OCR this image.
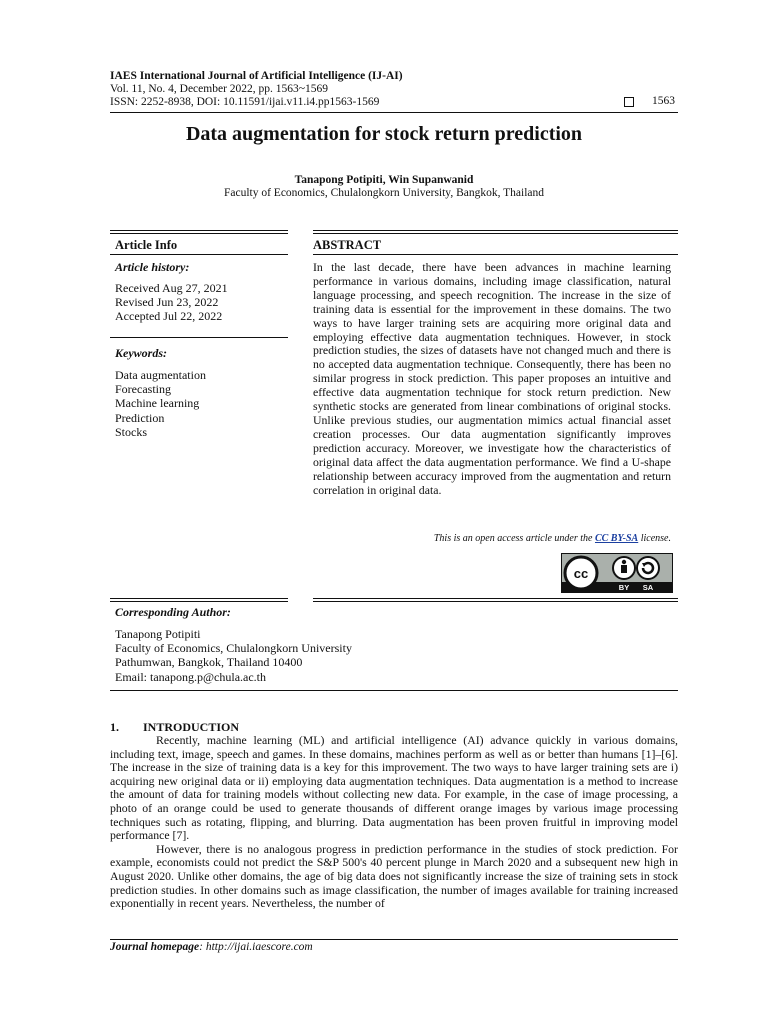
IAES International Journal of Artificial Intelligence (IJ-AI)
Vol. 11, No. 4, December 2022, pp. 1563~1569
ISSN: 2252-8938, DOI: 10.11591/ijai.v11.i4.pp1563-1569	1563
Data augmentation for stock return prediction
Tanapong Potipiti, Win Supanwanid
Faculty of Economics, Chulalongkorn University, Bangkok, Thailand
Article Info
Article history:
Received Aug 27, 2021
Revised Jun 23, 2022
Accepted Jul 22, 2022
Keywords:
Data augmentation
Forecasting
Machine learning
Prediction
Stocks
ABSTRACT
In the last decade, there have been advances in machine learning performance in various domains, including image classification, natural language processing, and speech recognition. The increase in the size of training data is essential for the improvement in these domains. The two ways to have larger training sets are acquiring more original data and employing effective data augmentation techniques. However, in stock prediction studies, the sizes of datasets have not changed much and there is no accepted data augmentation technique. Consequently, there has been no similar progress in stock prediction. This paper proposes an intuitive and effective data augmentation technique for stock return prediction. New synthetic stocks are generated from linear combinations of original stocks. Unlike previous studies, our augmentation mimics actual financial asset creation processes. Our data augmentation significantly improves prediction accuracy. Moreover, we investigate how the characteristics of original data affect the data augmentation performance. We find a U-shape relationship between accuracy improved from the augmentation and return correlation in original data.
This is an open access article under the CC BY-SA license.
cc
BY SA
Corresponding Author:
Tanapong Potipiti
Faculty of Economics, Chulalongkorn University
Pathumwan, Bangkok, Thailand 10400
Email: tanapong.p@chula.ac.th
1. INTRODUCTION

Recently, machine learning (ML) and artificial intelligence (AI) advance quickly in various domains, including text, image, speech and games. In these domains, machines perform as well as or better than humans [1]–[6]. The increase in the size of training data is a key for this improvement. The two ways to have larger training sets are i) acquiring new original data or ii) employing data augmentation techniques. Data augmentation is a method to increase the amount of data for training models without collecting new data. For example, in the case of image processing, a photo of an orange could be used to generate thousands of different orange images by various image processing techniques such as rotating, flipping, and blurring. Data augmentation has been proven fruitful in improving model performance [7].

However, there is no analogous progress in prediction performance in the studies of stock prediction. For example, economists could not predict the S&P 500's 40 percent plunge in March 2020 and a subsequent new high in August 2020. Unlike other domains, the age of big data does not significantly increase the size of training sets in stock prediction studies. In other domains such as image classification, the number of images available for training increased exponentially in recent years. Nevertheless, the number of

Journal homepage: http://ijai.iaescore.com
